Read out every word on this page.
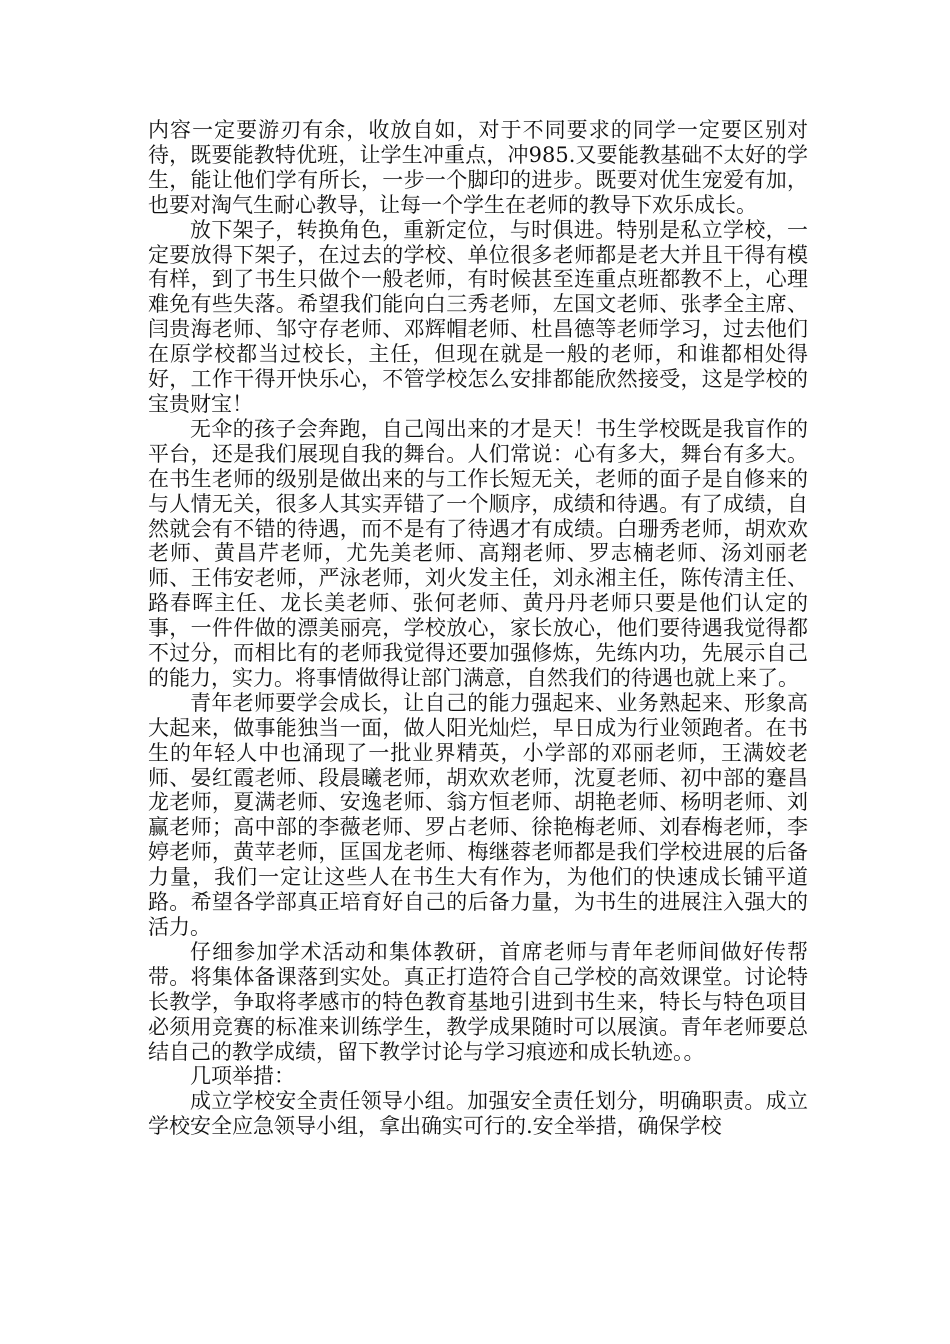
内容一定要游刃有余，收放自如，对于不同要求的同学一定要区别对待，既要能教特优班，让学生冲重点，冲985.又要能教基础不太好的学生，能让他们学有所长，一步一个脚印的进步。既要对优生宠爱有加，也要对淘气生耐心教导，让每一个学生在老师的教导下欢乐成长。

放下架子，转换角色，重新定位，与时俱进。特别是私立学校，一定要放得下架子，在过去的学校、单位很多老师都是老大并且干得有模有样，到了书生只做个一般老师，有时候甚至连重点班都教不上，心理难免有些失落。希望我们能向白三秀老师，左国文老师、张孝全主席、闫贵海老师、邹守存老师、邓辉帽老师、杜昌德等老师学习，过去他们在原学校都当过校长，主任，但现在就是一般的老师，和谁都相处得好，工作干得开快乐心，不管学校怎么安排都能欣然接受，这是学校的宝贵财宝！

无伞的孩子会奔跑，自己闯出来的才是天！书生学校既是我盲作的平台，还是我们展现自我的舞台。人们常说：心有多大，舞台有多大。在书生老师的级别是做出来的与工作长短无关，老师的面子是自修来的与人情无关，很多人其实弄错了一个顺序，成绩和待遇。有了成绩，自然就会有不错的待遇，而不是有了待遇才有成绩。白珊秀老师，胡欢欢老师、黄昌芹老师，尤先美老师、高翔老师、罗志楠老师、汤刘丽老师、王伟安老师，严泳老师，刘火发主任，刘永湘主任，陈传清主任、路春晖主任、龙长美老师、张何老师、黄丹丹老师只要是他们认定的事，一件件做的漂美丽亮，学校放心，家长放心，他们要待遇我觉得都不过分，而相比有的老师我觉得还要加强修炼，先练内功，先展示自己的能力，实力。将事情做得让部门满意，自然我们的待遇也就上来了。

青年老师要学会成长，让自己的能力强起来、业务熟起来、形象高大起来，做事能独当一面，做人阳光灿烂，早日成为行业领跑者。在书生的年轻人中也涌现了一批业界精英，小学部的邓丽老师，王满姣老师、晏红霞老师、段晨曦老师，胡欢欢老师，沈夏老师、初中部的蹇昌龙老师，夏满老师、安逸老师、翁方恒老师、胡艳老师、杨明老师、刘赢老师；高中部的李薇老师、罗占老师、徐艳梅老师、刘春梅老师，李婷老师，黄苹老师，匡国龙老师、梅继蓉老师都是我们学校进展的后备力量，我们一定让这些人在书生大有作为，为他们的快速成长铺平道路。希望各学部真正培育好自己的后备力量，为书生的进展注入强大的活力。

仔细参加学术活动和集体教研，首席老师与青年老师间做好传帮带。将集体备课落到实处。真正打造符合自己学校的高效课堂。讨论特长教学，争取将孝感市的特色教育基地引进到书生来，特长与特色项目必须用竞赛的标准来训练学生，教学成果随时可以展演。青年老师要总结自己的教学成绩，留下教学讨论与学习痕迹和成长轨迹。。

几项举措：

成立学校安全责任领导小组。加强安全责任划分，明确职责。成立学校安全应急领导小组，拿出确实可行的.安全举措，确保学校
